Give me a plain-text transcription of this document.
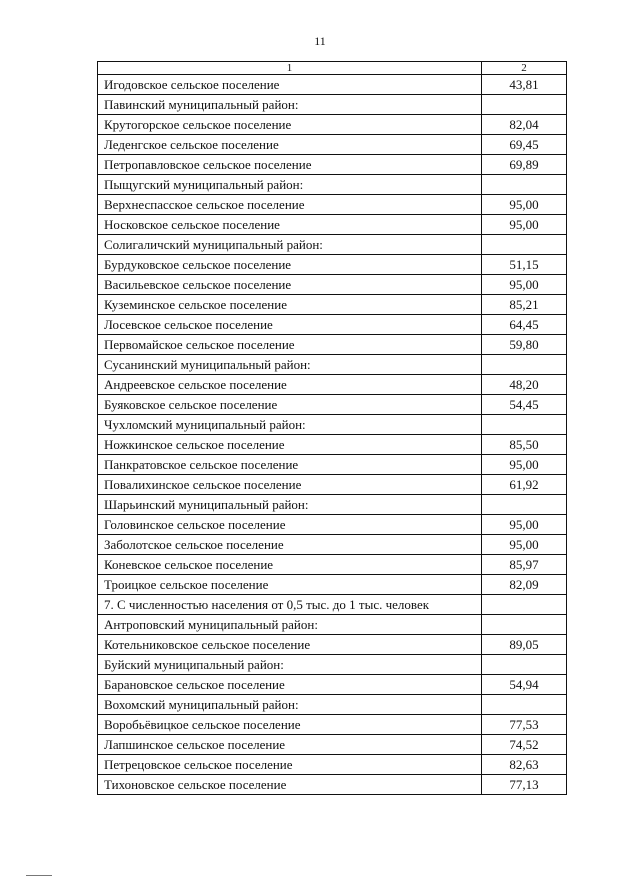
11
1	2
Игодовское сельское поселение	43,81
Павинский муниципальный район:	
Крутогорское сельское поселение	82,04
Леденгское сельское поселение	69,45
Петропавловское сельское поселение	69,89
Пыщугский муниципальный район:	
Верхнеспасское сельское поселение	95,00
Носковское сельское поселение	95,00
Солигаличский муниципальный район:	
Бурдуковское сельское поселение	51,15
Васильевское сельское поселение	95,00
Куземинское сельское поселение	85,21
Лосевское сельское поселение	64,45
Первомайское сельское поселение	59,80
Сусанинский муниципальный район:	
Андреевское сельское поселение	48,20
Буяковское сельское поселение	54,45
Чухломский муниципальный район:	
Ножкинское сельское поселение	85,50
Панкратовское сельское поселение	95,00
Повалихинское сельское поселение	61,92
Шарьинский муниципальный район:	
Головинское сельское поселение	95,00
Заболотское сельское поселение	95,00
Коневское сельское поселение	85,97
Троицкое сельское поселение	82,09
7. С численностью населения от 0,5 тыс. до 1 тыс. человек	
Антроповский муниципальный район:	
Котельниковское сельское поселение	89,05
Буйский муниципальный район:	
Барановское сельское поселение	54,94
Вохомский муниципальный район:	
Воробьёвицкое сельское поселение	77,53
Лапшинское сельское поселение	74,52
Петрецовское сельское поселение	82,63
Тихоновское сельское поселение	77,13
